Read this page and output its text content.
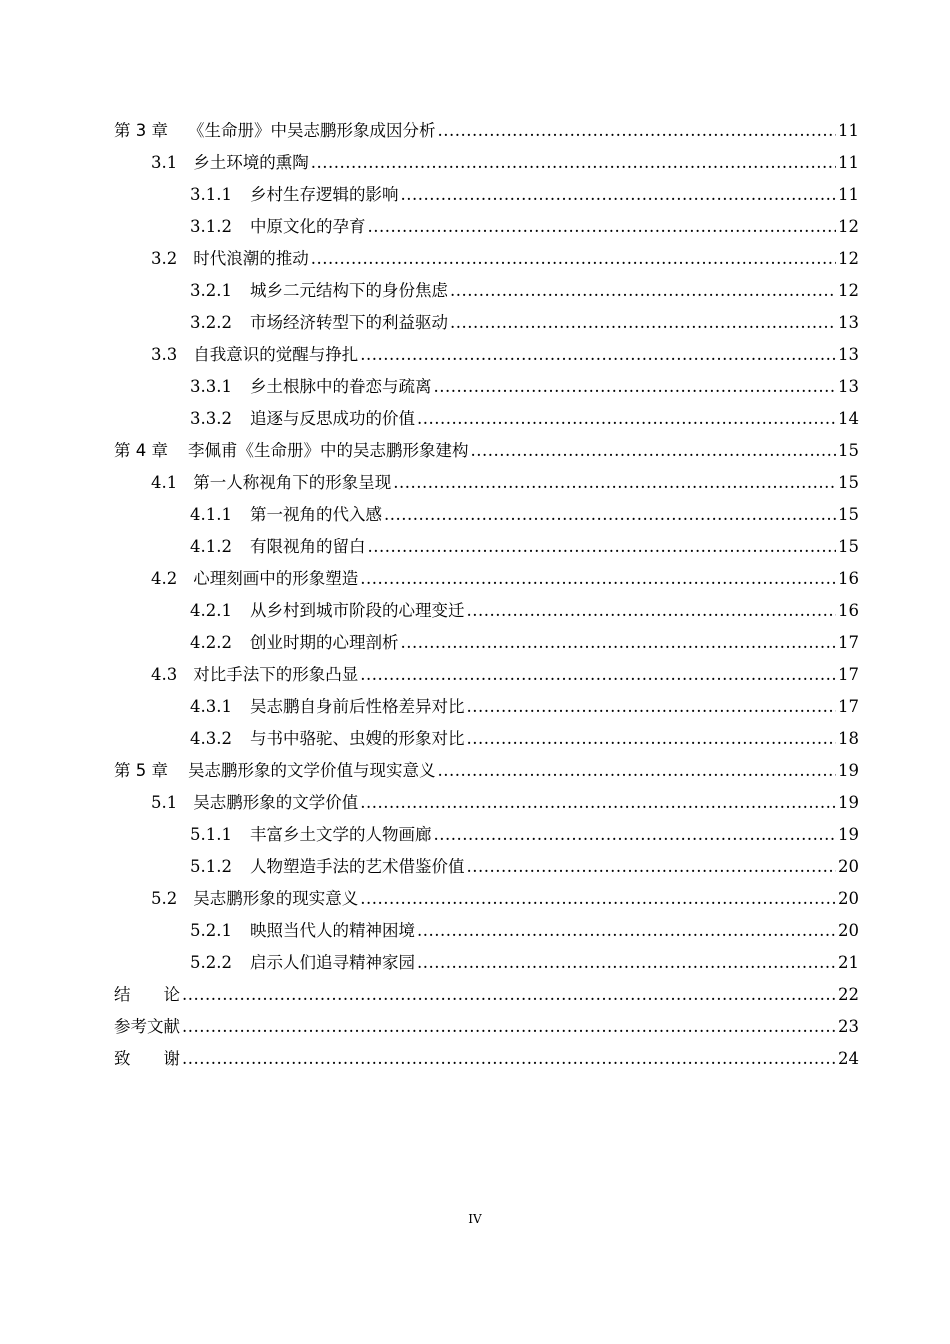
第 3 章 《生命册》中吴志鹏形象成因分析 .....	11
3.1 乡土环境的熏陶 .....	11
3.1.1 乡村生存逻辑的影响 .....	11
3.1.2 中原文化的孕育 .....	12
3.2 时代浪潮的推动 .....	12
3.2.1 城乡二元结构下的身份焦虑 .....	12
3.2.2 市场经济转型下的利益驱动 .....	13
3.3 自我意识的觉醒与挣扎 .....	13
3.3.1 乡土根脉中的眷恋与疏离 .....	13
3.3.2 追逐与反思成功的价值 .....	14
第 4 章 李佩甫《生命册》中的吴志鹏形象建构 .....	15
4.1 第一人称视角下的形象呈现 .....	15
4.1.1 第一视角的代入感 .....	15
4.1.2 有限视角的留白 .....	15
4.2 心理刻画中的形象塑造 .....	16
4.2.1 从乡村到城市阶段的心理变迁 .....	16
4.2.2 创业时期的心理剖析 .....	17
4.3 对比手法下的形象凸显 .....	17
4.3.1 吴志鹏自身前后性格差异对比 .....	17
4.3.2 与书中骆驼、虫嫂的形象对比 .....	18
第 5 章 吴志鹏形象的文学价值与现实意义 .....	19
5.1 吴志鹏形象的文学价值 .....	19
5.1.1 丰富乡土文学的人物画廊 .....	19
5.1.2 人物塑造手法的艺术借鉴价值 .....	20
5.2 吴志鹏形象的现实意义 .....	20
5.2.1 映照当代人的精神困境 .....	20
5.2.2 启示人们追寻精神家园 .....	21
结　　论 .....	22
参考文献 .....	23
致　　谢 .....	24
IV
